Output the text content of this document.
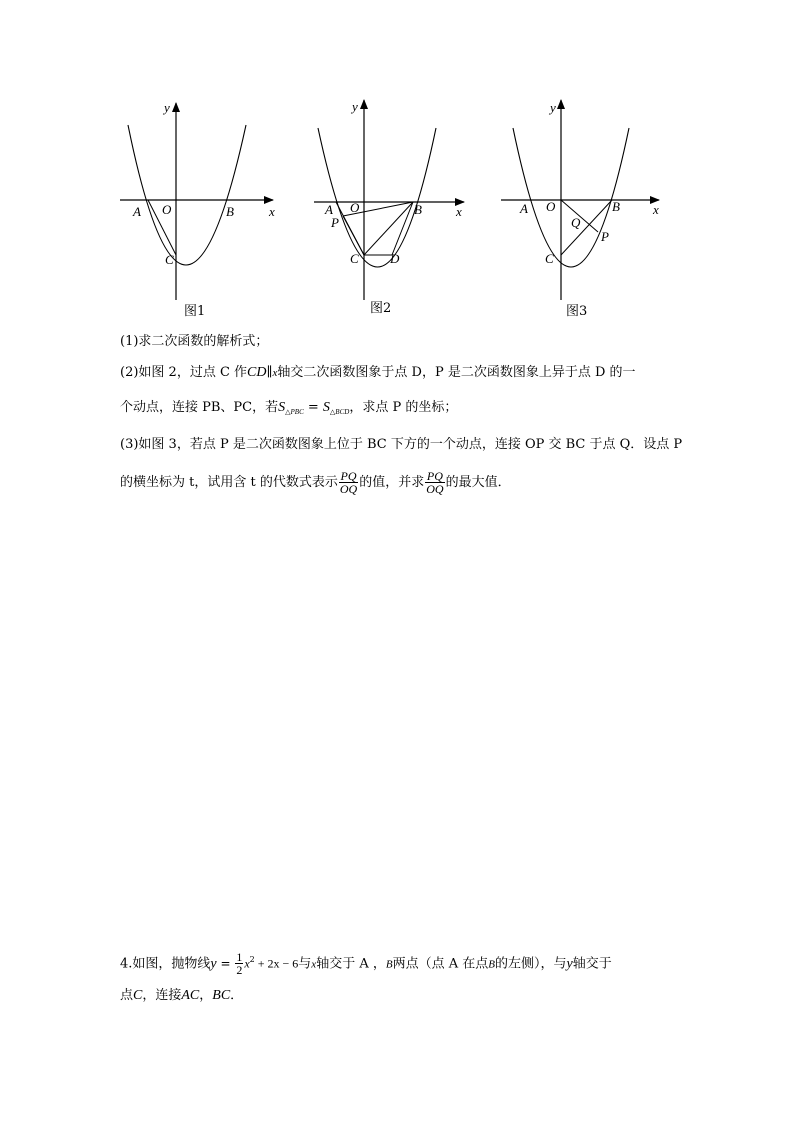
y
x
A O	B
C
图1
y
x
A O	B
P
C D
图2
y
x
A O	B
Q
P
C
图3
(1)求二次函数的解析式；
(2)如图 2，过点 C 作CD∥x轴交二次函数图象于点 D，P 是二次函数图象上异于点 D 的一
个动点，连接 PB、PC，若$S_{\triangle PBC} = S_{\triangle BCD}$，求点 P 的坐标；
(3)如图 3，若点 P 是二次函数图象上位于 BC 下方的一个动点，连接 OP 交 BC 于点 Q．设点 P
的横坐标为 t，试用含 t 的代数式表示 $\frac{PQ}{OQ}$ 的值，并求 $\frac{PQ}{OQ}$ 的最大值．
4.如图，抛物线$y = \frac{1}{2} x^2 + 2x - 6$与x轴交于 A ，B两点（点 A 在点B的左侧），与y轴交于
点C，连接AC，BC．
